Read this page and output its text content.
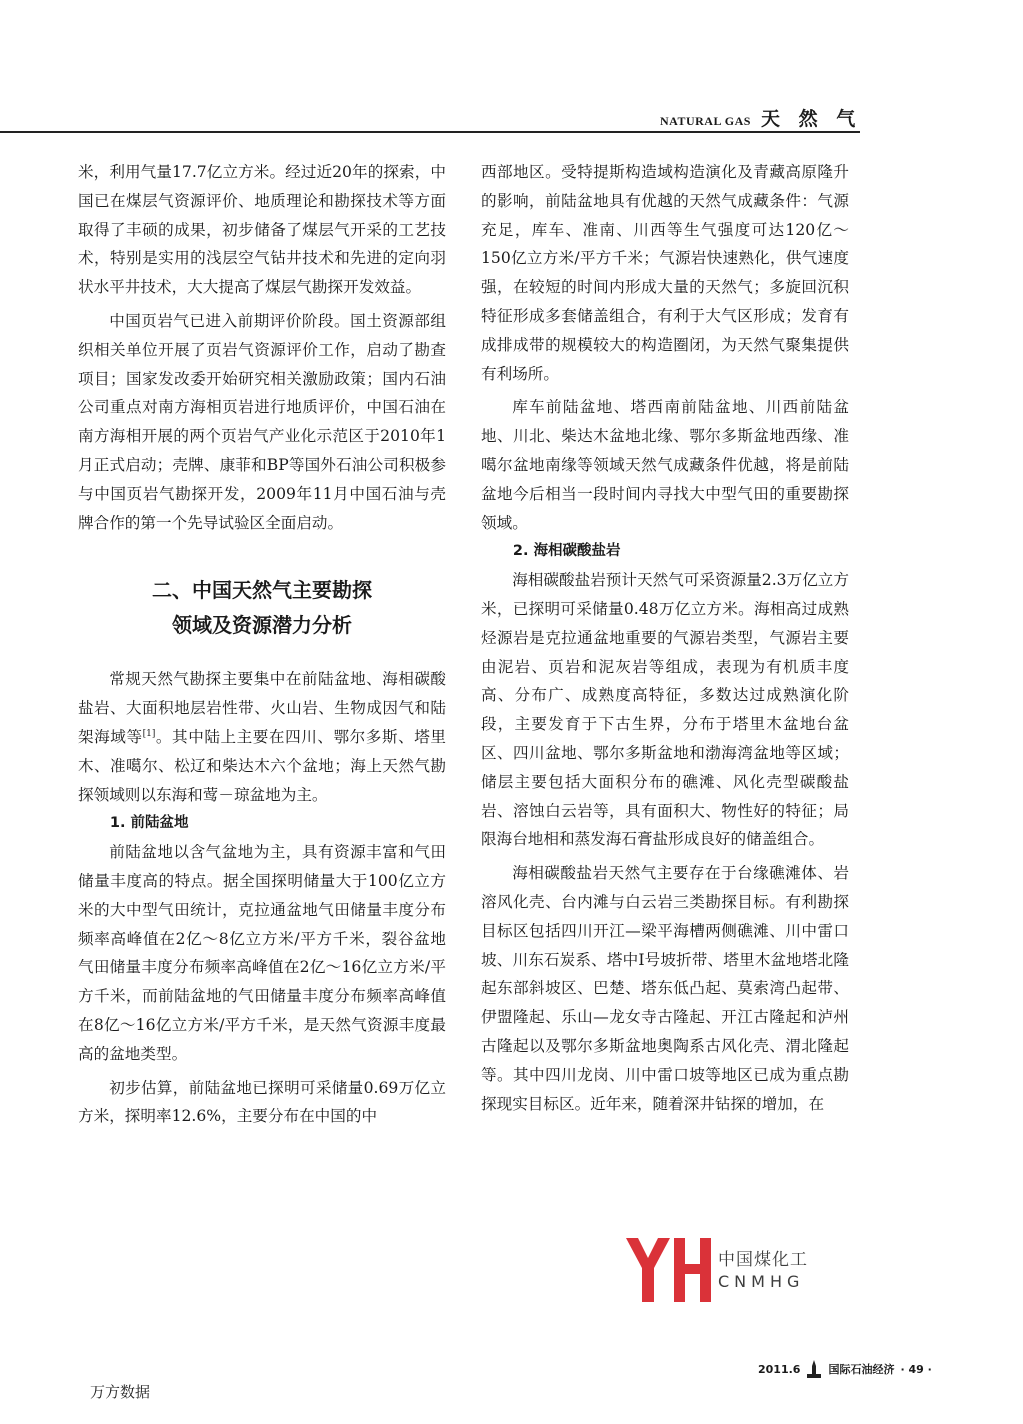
NATURAL GAS 天 然 气

米，利用气量17.7亿立方米。经过近20年的探索，中国已在煤层气资源评价、地质理论和勘探技术等方面取得了丰硕的成果，初步储备了煤层气开采的工艺技术，特别是实用的浅层空气钻井技术和先进的定向羽状水平井技术，大大提高了煤层气勘探开发效益。

中国页岩气已进入前期评价阶段。国土资源部组织相关单位开展了页岩气资源评价工作，启动了勘查项目；国家发改委开始研究相关激励政策；国内石油公司重点对南方海相页岩进行地质评价，中国石油在南方海相开展的两个页岩气产业化示范区于2010年1月正式启动；壳牌、康菲和BP等国外石油公司积极参与中国页岩气勘探开发，2009年11月中国石油与壳牌合作的第一个先导试验区全面启动。

二、中国天然气主要勘探
领域及资源潜力分析

常规天然气勘探主要集中在前陆盆地、海相碳酸盐岩、大面积地层岩性带、火山岩、生物成因气和陆架海域等[1]。其中陆上主要在四川、鄂尔多斯、塔里木、准噶尔、松辽和柴达木六个盆地；海上天然气勘探领域则以东海和莺－琼盆地为主。

1. 前陆盆地

前陆盆地以含气盆地为主，具有资源丰富和气田储量丰度高的特点。据全国探明储量大于100亿立方米的大中型气田统计，克拉通盆地气田储量丰度分布频率高峰值在2亿～8亿立方米/平方千米，裂谷盆地气田储量丰度分布频率高峰值在2亿～16亿立方米/平方千米，而前陆盆地的气田储量丰度分布频率高峰值在8亿～16亿立方米/平方千米，是天然气资源丰度最高的盆地类型。

初步估算，前陆盆地已探明可采储量0.69万亿立方米，探明率12.6%，主要分布在中国的中

西部地区。受特提斯构造域构造演化及青藏高原隆升的影响，前陆盆地具有优越的天然气成藏条件：气源充足，库车、准南、川西等生气强度可达120亿～150亿立方米/平方千米；气源岩快速熟化，供气速度强，在较短的时间内形成大量的天然气；多旋回沉积特征形成多套储盖组合，有利于大气区形成；发育有成排成带的规模较大的构造圈闭，为天然气聚集提供有利场所。

库车前陆盆地、塔西南前陆盆地、川西前陆盆地、川北、柴达木盆地北缘、鄂尔多斯盆地西缘、准噶尔盆地南缘等领域天然气成藏条件优越，将是前陆盆地今后相当一段时间内寻找大中型气田的重要勘探领域。

2. 海相碳酸盐岩

海相碳酸盐岩预计天然气可采资源量2.3万亿立方米，已探明可采储量0.48万亿立方米。海相高过成熟烃源岩是克拉通盆地重要的气源岩类型，气源岩主要由泥岩、页岩和泥灰岩等组成，表现为有机质丰度高、分布广、成熟度高特征，多数达过成熟演化阶段，主要发育于下古生界，分布于塔里木盆地台盆区、四川盆地、鄂尔多斯盆地和渤海湾盆地等区域；储层主要包括大面积分布的礁滩、风化壳型碳酸盐岩、溶蚀白云岩等，具有面积大、物性好的特征；局限海台地相和蒸发海石膏盐形成良好的储盖组合。

海相碳酸盐岩天然气主要存在于台缘礁滩体、岩溶风化壳、台内滩与白云岩三类勘探目标。有利勘探目标区包括四川开江—梁平海槽两侧礁滩、川中雷口坡、川东石炭系、塔中I号坡折带、塔里木盆地塔北隆起东部斜坡区、巴楚、塔东低凸起、莫索湾凸起带、伊盟隆起、乐山—龙女寺古隆起、开江古隆起和泸州古隆起以及鄂尔多斯盆地奥陶系古风化壳、渭北隆起等。其中四川龙岗、川中雷口坡等地区已成为重点勘探现实目标区。近年来，随着深井钻探的增加，在

中国煤化工
CNMHG
2011.6	国际石油经济 · 49 ·
万方数据
